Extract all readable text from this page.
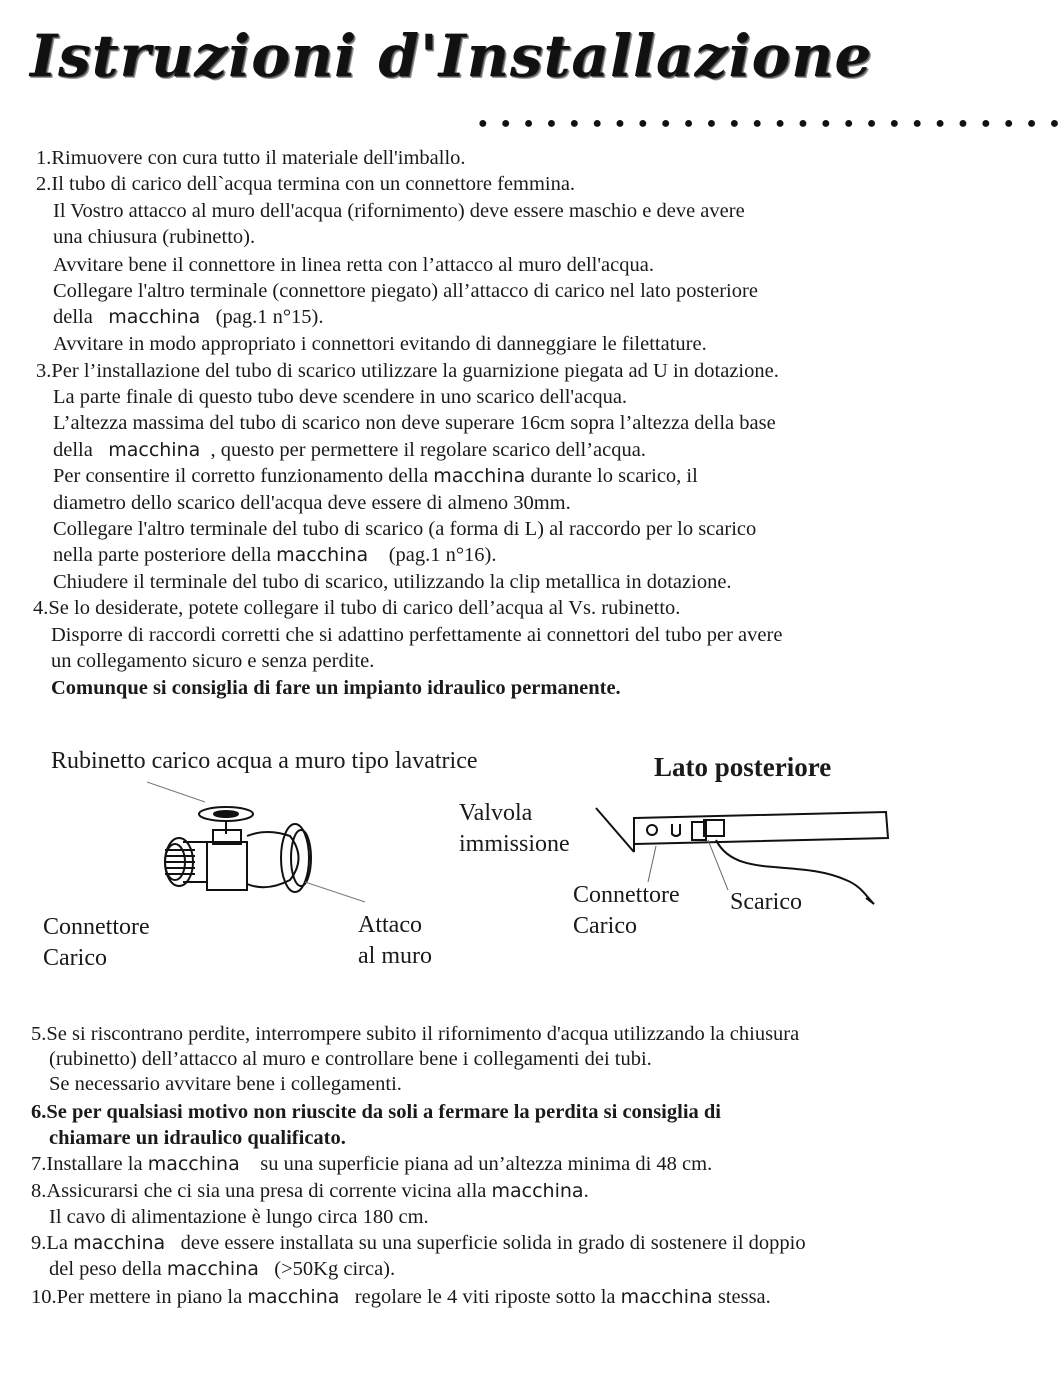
Istruzioni d'Installazione
● ● ● ● ● ● ● ● ● ● ● ● ● ● ● ● ● ● ● ● ● ● ● ● ● ●
1.Rimuovere con cura tutto il materiale dell'imballo.
2.Il tubo di carico dell`acqua termina con un connettore femmina.
Il Vostro attacco al muro dell'acqua (rifornimento) deve essere maschio e deve avere
una chiusura (rubinetto).
Avvitare bene il connettore in linea retta con l’attacco al muro dell'acqua.
Collegare l'altro terminale (connettore piegato) all’attacco di carico nel lato posteriore
della macchina (pag.1 n°15).
Avvitare in modo appropriato i connettori evitando di danneggiare le filettature.
3.Per l’installazione del tubo di scarico utilizzare la guarnizione piegata ad U in dotazione.
La parte finale di questo tubo deve scendere in uno scarico dell'acqua.
L’altezza massima del tubo di scarico non deve superare 16cm sopra l’altezza della base
della macchina , questo per permettere il regolare scarico dell’acqua.
Per consentire il corretto funzionamento della macchina durante lo scarico, il
diametro dello scarico dell'acqua deve essere di almeno 30mm.
Collegare l'altro terminale del tubo di scarico (a forma di L) al raccordo per lo scarico
nella parte posteriore della macchina (pag.1 n°16).
Chiudere il terminale del tubo di scarico, utilizzando la clip metallica in dotazione.
4.Se lo desiderate, potete collegare il tubo di carico dell’acqua al Vs. rubinetto.
Disporre di raccordi corretti che si adattino perfettamente ai connettori del tubo per avere
un collegamento sicuro e senza perdite.
Comunque si consiglia di fare un impianto idraulico permanente.
Rubinetto carico acqua a muro tipo lavatrice	Lato posteriore
Valvola
immissione
Connettore
Carico
Scarico
Connettore
Carico
Attaco
al muro
5.Se si riscontrano perdite, interrompere subito il rifornimento d'acqua utilizzando la chiusura
(rubinetto) dell’attacco al muro e controllare bene i collegamenti dei tubi.
Se necessario avvitare bene i collegamenti.
6.Se per qualsiasi motivo non riuscite da soli a fermare la perdita si consiglia di
chiamare un idraulico qualificato.
7.Installare la macchina su una superficie piana ad un’altezza minima di 48 cm.
8.Assicurarsi che ci sia una presa di corrente vicina alla macchina.
Il cavo di alimentazione è lungo circa 180 cm.
9.La macchina deve essere installata su una superficie solida in grado di sostenere il doppio
del peso della macchina (>50Kg circa).
10.Per mettere in piano la macchina regolare le 4 viti riposte sotto la macchina stessa.
